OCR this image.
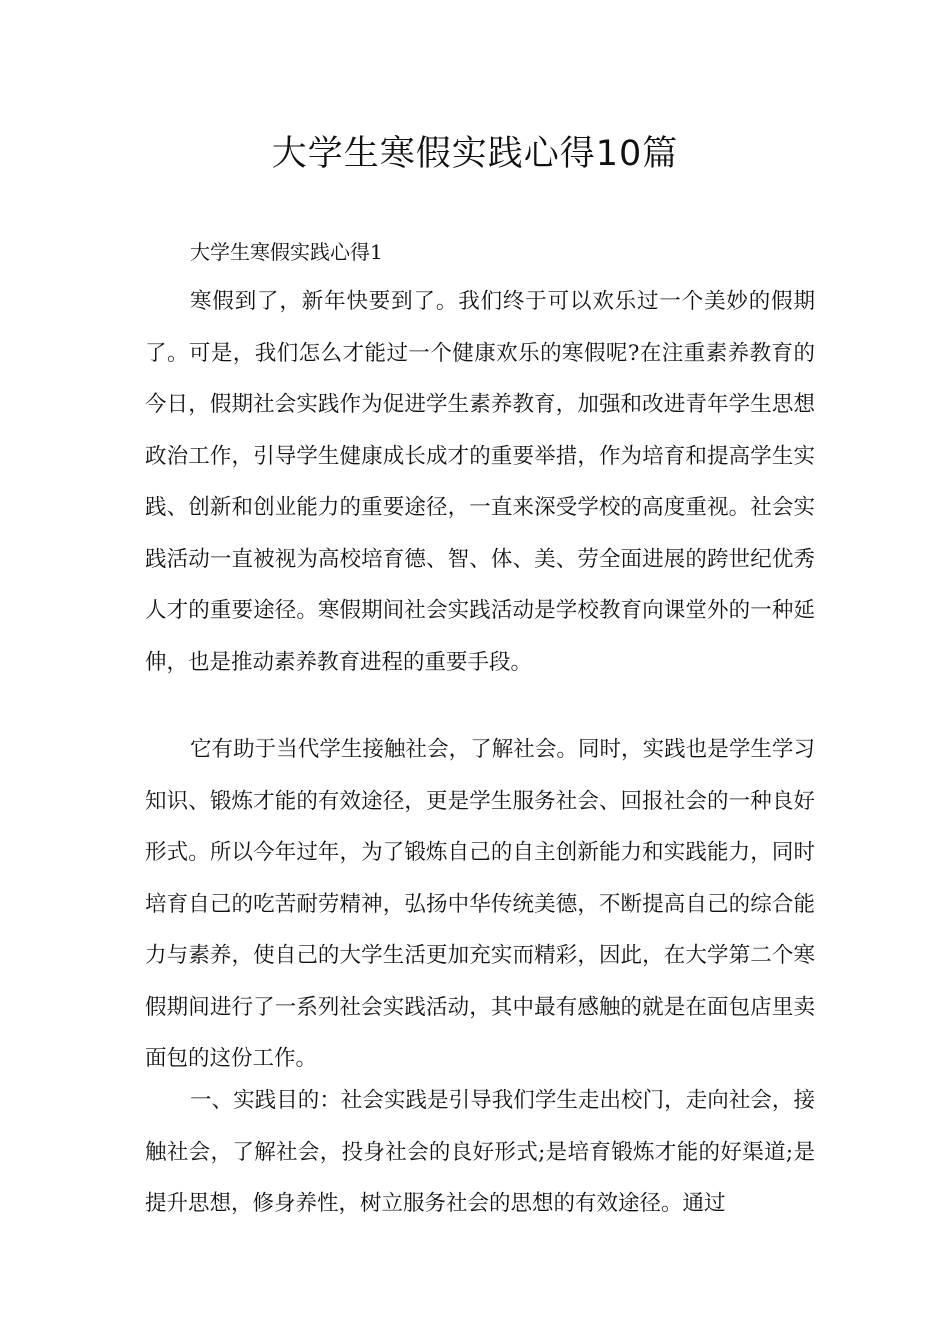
大学生寒假实践心得10篇

大学生寒假实践心得1

寒假到了，新年快要到了。我们终于可以欢乐过一个美妙的假期了。可是，我们怎么才能过一个健康欢乐的寒假呢?在注重素养教育的今日，假期社会实践作为促进学生素养教育，加强和改进青年学生思想政治工作，引导学生健康成长成才的重要举措，作为培育和提高学生实践、创新和创业能力的重要途径，一直来深受学校的高度重视。社会实践活动一直被视为高校培育德、智、体、美、劳全面进展的跨世纪优秀人才的重要途径。寒假期间社会实践活动是学校教育向课堂外的一种延伸，也是推动素养教育进程的重要手段。

它有助于当代学生接触社会，了解社会。同时，实践也是学生学习知识、锻炼才能的有效途径，更是学生服务社会、回报社会的一种良好形式。所以今年过年，为了锻炼自己的自主创新能力和实践能力，同时培育自己的吃苦耐劳精神，弘扬中华传统美德，不断提高自己的综合能力与素养，使自己的大学生活更加充实而精彩，因此，在大学第二个寒假期间进行了一系列社会实践活动，其中最有感触的就是在面包店里卖面包的这份工作。

一、实践目的：社会实践是引导我们学生走出校门，走向社会，接触社会，了解社会，投身社会的良好形式;是培育锻炼才能的好渠道;是提升思想，修身养性，树立服务社会的思想的有效途径。通过
